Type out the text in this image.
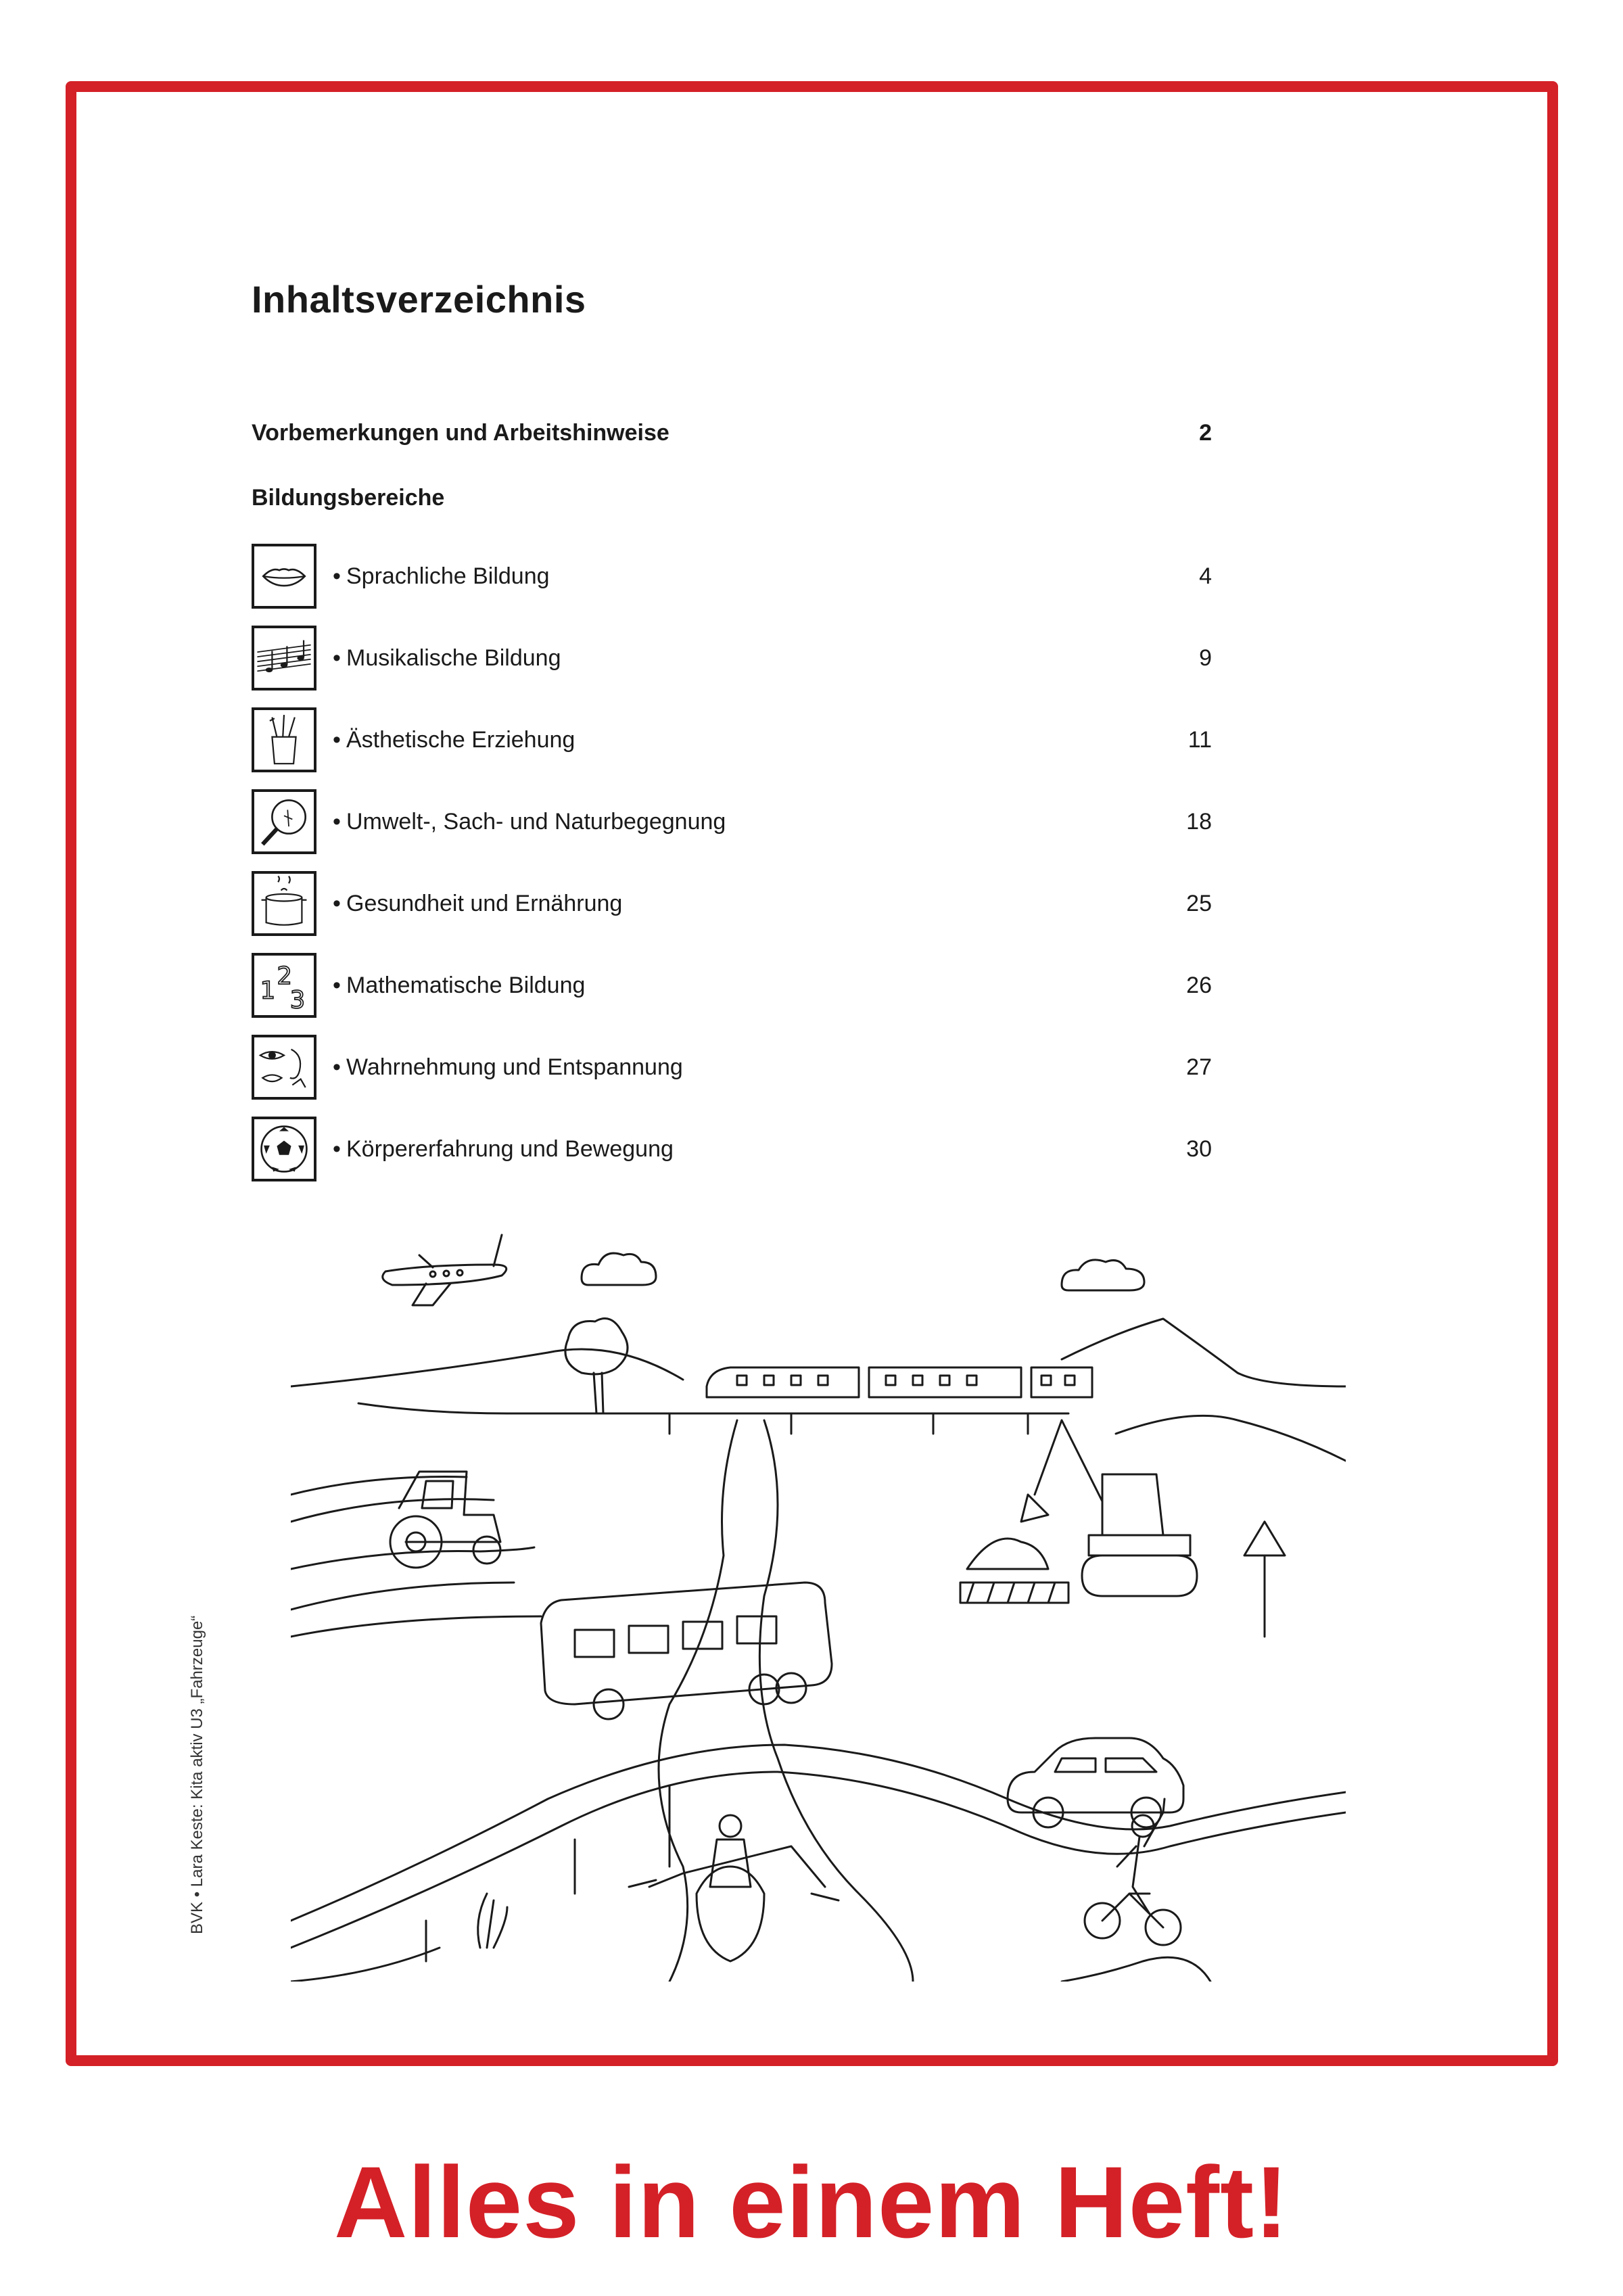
Inhaltsverzeichnis
Vorbemerkungen und Arbeitshinweise	2
Bildungsbereiche
• Sprachliche Bildung	4
• Musikalische Bildung	9
• Ästhetische Erziehung	11
• Umwelt-, Sach- und Naturbegegnung	18
• Gesundheit und Ernährung	25
1
2
3
• Mathematische Bildung	26
• Wahrnehmung und Entspannung	27
• Körpererfahrung und Bewegung	30
BVK • Lara Keste: Kita aktiv U3 „Fahrzeuge“
Alles in einem Heft!
